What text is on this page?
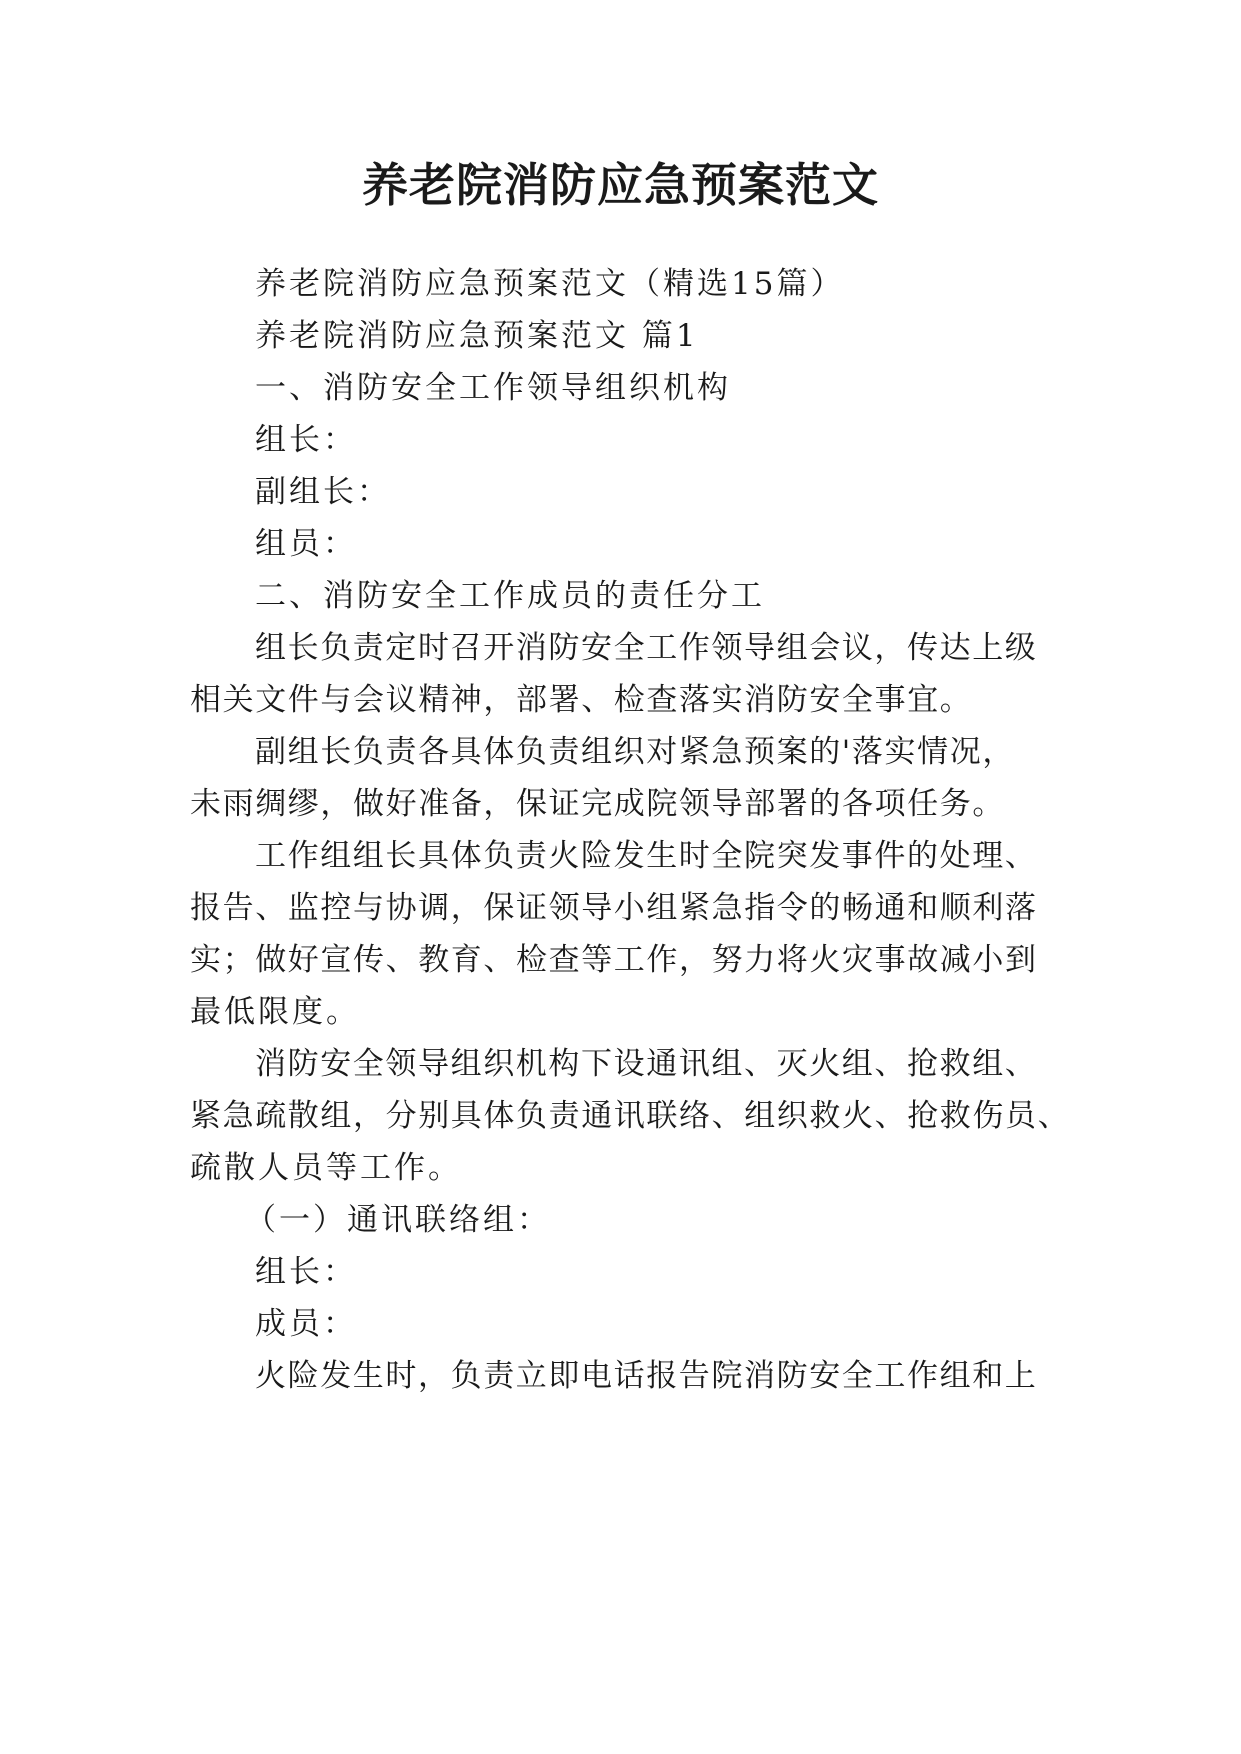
养老院消防应急预案范文
养老院消防应急预案范文（精选15篇）
养老院消防应急预案范文 篇1
一、消防安全工作领导组织机构
组长：
副组长：
组员：
二、消防安全工作成员的责任分工
组长负责定时召开消防安全工作领导组会议，传达上级
相关文件与会议精神，部署、检查落实消防安全事宜。
副组长负责各具体负责组织对紧急预案的'落实情况，
未雨绸缪，做好准备，保证完成院领导部署的各项任务。
工作组组长具体负责火险发生时全院突发事件的处理、
报告、监控与协调，保证领导小组紧急指令的畅通和顺利落
实；做好宣传、教育、检查等工作，努力将火灾事故减小到
最低限度。
消防安全领导组织机构下设通讯组、灭火组、抢救组、
紧急疏散组，分别具体负责通讯联络、组织救火、抢救伤员、
疏散人员等工作。
（一）通讯联络组：
组长：
成员：
火险发生时，负责立即电话报告院消防安全工作组和上
